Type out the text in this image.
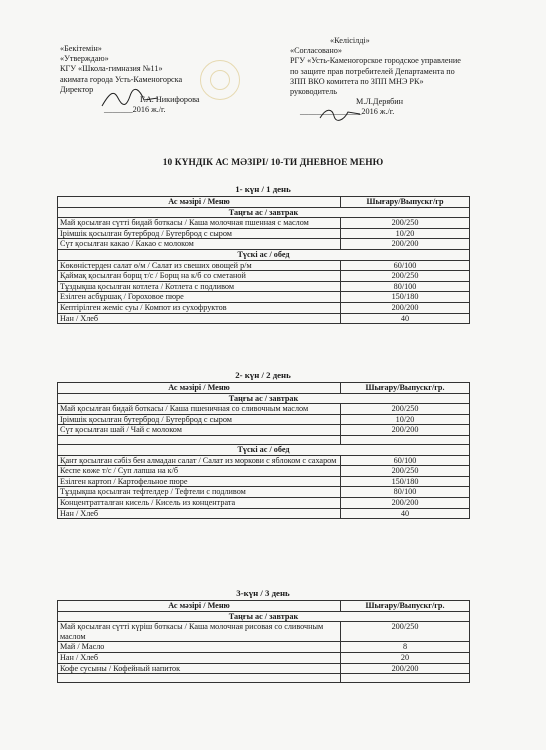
«Бекітемін»
«Утверждаю»
КГУ «Школа-гимназия №11»
акимата города Усть-Каменогорска
Директор
Г.А. Никифорова
_______2016 ж./г.
«Келісілді»
«Согласовано»
РГУ «Усть-Каменогорское городское управление
по защите прав потребителей Департамента по
ЗПП ВКО комитета по ЗПП МНЭ РК»
руководитель
М.Л.Дерябин
_______________2016 ж./г.
10 КҮНДІК АС МӘЗІРІ/ 10-ТИ ДНЕВНОЕ МЕНЮ
1- күн / 1 день
Ас мәзірі / Меню	Шығару/Выпускг/гр
Таңғы ас / завтрак	
Май қосылған сүтті бидай боткасы / Каша молочная пшенная с маслом	200/250
Ірімшік қосылған бутерброд / Бутерброд с сыром	10/20
Сүт қосылған какао / Какао с молоком	200/200
Түскі ас / обед	
Көкөністерден салат ө/м / Салат из свеших овощей р/м	60/100
Қаймақ қосылған борщ т/с / Борщ на к/б со сметаной	200/250
Тұздықша қосылған котлета / Котлета с подливом	80/100
Езілген асбұршақ / Гороховое пюре	150/180
Кептірілген жеміс суы / Компот из сухофруктов	200/200
Нан / Хлеб	40
2- күн / 2 день
Ас мәзірі / Меню	Шығару/Выпускг/гр.
Таңғы ас / завтрак	
Май қосылған бидай боткасы / Каша пшеничная со сливочным маслом	200/250
Ірімшік қосылған бутерброд / Бутерброд с сыром	10/20
Сүт қосылған шай / Чай с молоком	200/200

Түскі ас / обед	
Қант қосылған сәбіз бен алмадан салат / Салат из моркови с яблоком с сахаром	60/100
Кеспе көже т/с / Суп лапша на к/б	200/250
Езілген картоп / Картофельное пюре	150/180
Тұздықша қосылған тефтелдер / Тефтели с подливом	80/100
Концентратталған кисель / Кисель из концентрата	200/200
Нан / Хлеб	40
3-күн / 3 день
Ас мәзірі / Меню	Шығару/Выпускг/гр.
Таңғы ас / завтрак	
Май қосылған сүтті күріш боткасы / Каша молочная рисовая со сливочным маслом	200/250
Май / Масло	8
Нан / Хлеб	20
Кофе сусыны / Кофейный напиток	200/200
